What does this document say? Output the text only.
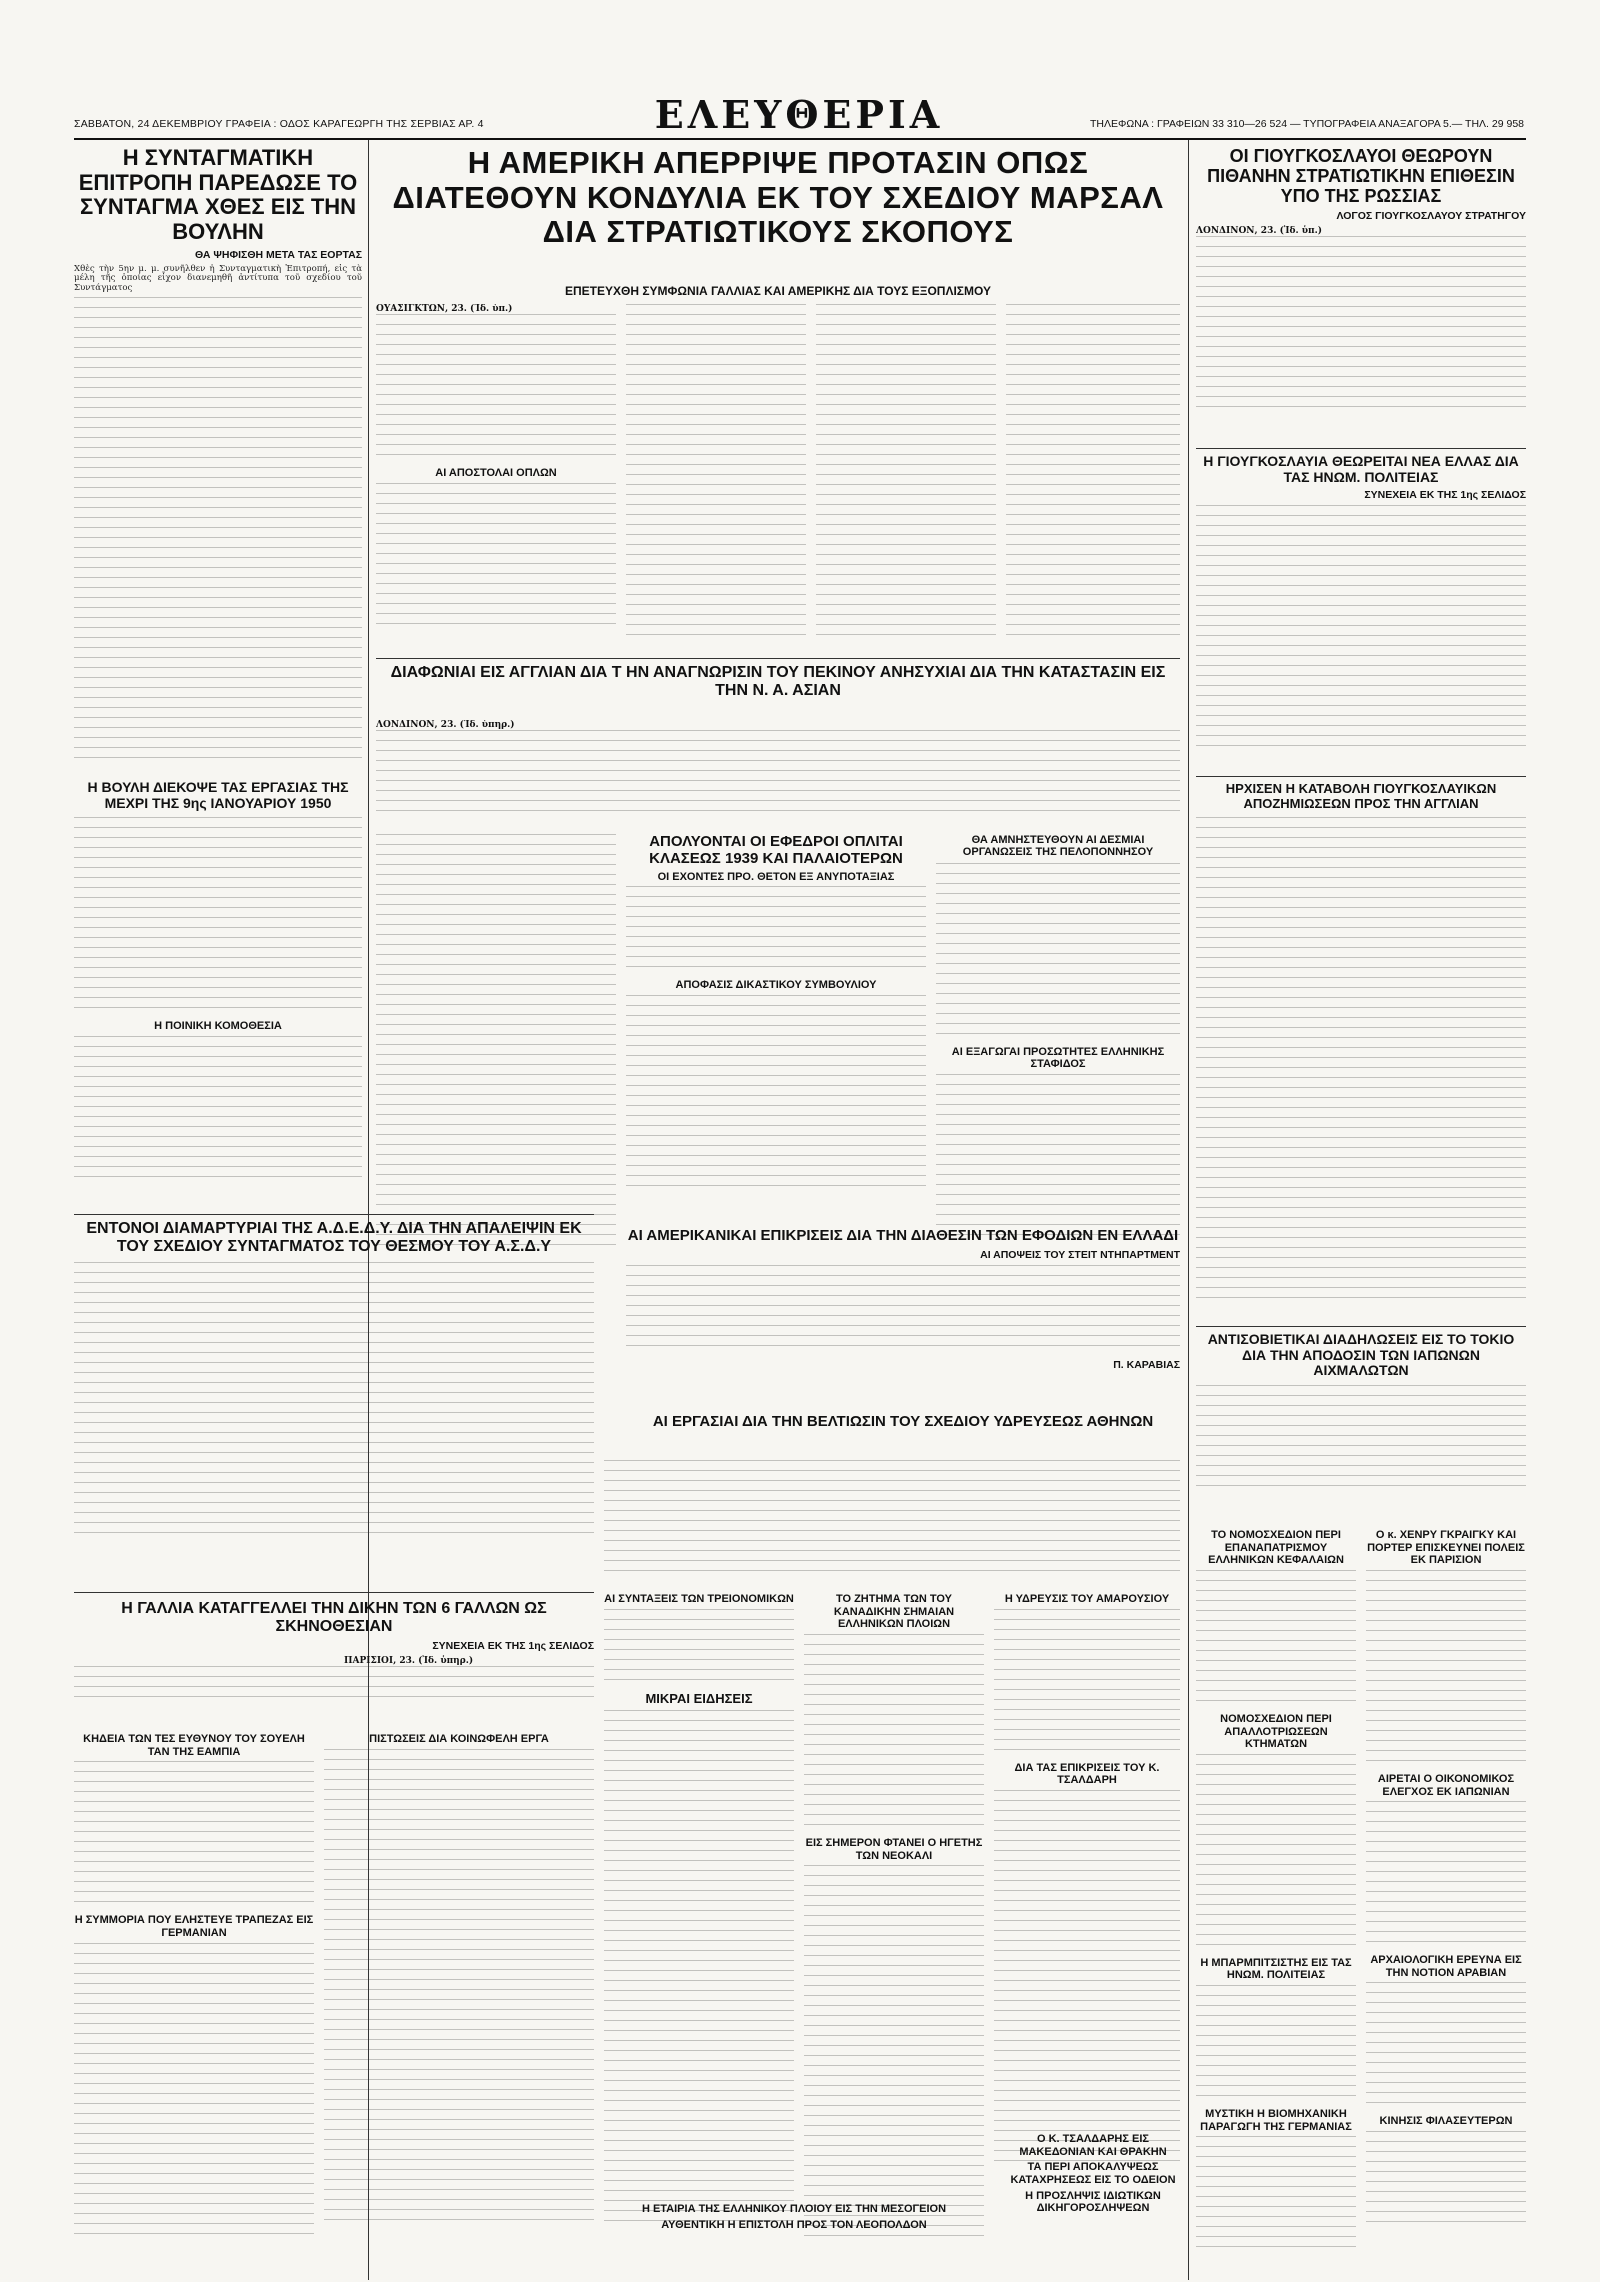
ΣΑΒΒΑΤΟΝ, 24 ΔΕΚΕΜΒΡΙΟΥ ΓΡΑΦΕΙΑ : ΟΔΟΣ ΚΑΡΑΓΕΩΡΓΗ ΤΗΣ ΣΕΡΒΙΑΣ ΑΡ. 4	ΕΛΕΥΘΕΡΙΑ	ΤΗΛΕΦΩΝΑ : ΓΡΑΦΕΙΩΝ 33 310—26 524 — ΤΥΠΟΓΡΑΦΕΙΑ ΑΝΑΞΑΓΟΡΑ 5.— ΤΗΛ. 29 958
Η ΣΥΝΤΑΓΜΑΤΙΚΗ ΕΠΙΤΡΟΠΗ ΠΑΡΕΔΩΣΕ ΤΟ ΣΥΝΤΑΓΜΑ ΧΘΕΣ ΕΙΣ ΤΗΝ ΒΟΥΛΗΝ
ΘΑ ΨΗΦΙΣΘΗ ΜΕΤΑ ΤΑΣ ΕΟΡΤΑΣ

Χθὲς τὴν 5ην μ. μ. συνῆλθεν ἡ Συνταγματικὴ Ἐπιτροπή, εἰς τὰ μέλη τῆς ὁποίας εἶχον διανεμηθῆ ἀντίτυπα τοῦ σχεδίου τοῦ Συντάγματος

Η ΒΟΥΛΗ ΔΙΕΚΟΨΕ ΤΑΣ ΕΡΓΑΣΙΑΣ ΤΗΣ ΜΕΧΡΙ ΤΗΣ 9ης ΙΑΝΟΥΑΡΙΟΥ 1950
Η ΠΟΙΝΙΚΗ ΚΟΜΟΘΕΣΙΑ
ΕΝΤΟΝΟΙ ΔΙΑΜΑΡΤΥΡΙΑΙ ΤΗΣ Α.Δ.Ε.Δ.Υ. ΔΙΑ ΤΗΝ ΑΠΑΛΕΙΨΙΝ ΕΚ ΤΟΥ ΣΧΕΔΙΟΥ ΣΥΝΤΑΓΜΑΤΟΣ ΤΟΥ ΘΕΣΜΟΥ ΤΟΥ Α.Σ.Δ.Υ
Η ΓΑΛΛΙΑ ΚΑΤΑΓΓΕΛΛΕΙ ΤΗΝ ΔΙΚΗΝ ΤΩΝ 6 ΓΑΛΛΩΝ ΩΣ ΣΚΗΝΟΘΕΣΙΑΝ
ΣΥΝΕΧΕΙΑ ΕΚ ΤΗΣ 1ης ΣΕΛΙΔΟΣ
ΠΑΡΙΣΙΟΙ, 23. (Ἰδ. ὑπηρ.)
ΚΗΔΕΙΑ ΤΩΝ ΤΕΣ ΕΥΘΥΝΟΥ ΤΟΥ ΣΟΥΕΛΗ ΤΑΝ ΤΗΣ ΕΑΜΠΙΑ
Η ΣΥΜΜΟΡΙΑ ΠΟΥ ΕΛΗΣΤΕΥΕ ΤΡΑΠΕΖΑΣ ΕΙΣ ΓΕΡΜΑΝΙΑΝ
ΠΙΣΤΩΣΕΙΣ ΔΙΑ ΚΟΙΝΩΦΕΛΗ ΕΡΓΑ
Η ΑΜΕΡΙΚΗ ΑΠΕΡΡΙΨΕ ΠΡΟΤΑΣΙΝ ΟΠΩΣ ΔΙΑΤΕΘΟΥΝ ΚΟΝΔΥΛΙΑ ΕΚ ΤΟΥ ΣΧΕΔΙΟΥ ΜΑΡΣΑΛ ΔΙΑ ΣΤΡΑΤΙΩΤΙΚΟΥΣ ΣΚΟΠΟΥΣ
ΕΠΕΤΕΥΧΘΗ ΣΥΜΦΩΝΙΑ ΓΑΛΛΙΑΣ ΚΑΙ ΑΜΕΡΙΚΗΣ ΔΙΑ ΤΟΥΣ ΕΞΟΠΛΙΣΜΟΥ
ΟΥΑΣΙΓΚΤΩΝ, 23. (Ἰδ. ὑπ.)
ΑΙ ΑΠΟΣΤΟΛΑΙ ΟΠΛΩΝ
ΔΙΑΦΩΝΙΑΙ ΕΙΣ ΑΓΓΛΙΑΝ ΔΙΑ Τ ΗΝ ΑΝΑΓΝΩΡΙΣΙΝ ΤΟΥ ΠΕΚΙΝΟΥ ΑΝΗΣΥΧΙΑΙ ΔΙΑ ΤΗΝ ΚΑΤΑΣΤΑΣΙΝ ΕΙΣ ΤΗΝ Ν. Α. ΑΣΙΑΝ
ΛΟΝΔΙΝΟΝ, 23. (Ἰδ. ὑπηρ.)
ΑΠΟΛΥΟΝΤΑΙ ΟΙ ΕΦΕΔΡΟΙ ΟΠΛΙΤΑΙ ΚΛΑΣΕΩΣ 1939 ΚΑΙ ΠΑΛΑΙΟΤΕΡΩΝ
ΟΙ ΕΧΟΝΤΕΣ ΠΡΟ. ΘΕΤΟΝ ΕΞ ΑΝΥΠΟΤΑΞΙΑΣ
ΑΠΟΦΑΣΙΣ ΔΙΚΑΣΤΙΚΟΥ ΣΥΜΒΟΥΛΙΟΥ
ΘΑ ΑΜΝΗΣΤΕΥΘΟΥΝ ΑΙ ΔΕΣΜΙΑΙ ΟΡΓΑΝΩΣΕΙΣ ΤΗΣ ΠΕΛΟΠΟΝΝΗΣΟΥ
ΑΙ ΕΞΑΓΩΓΑΙ ΠΡΟΣΩΤΗΤΕΣ ΕΛΛΗΝΙΚΗΣ ΣΤΑΦΙΔΟΣ
ΑΙ ΑΜΕΡΙΚΑΝΙΚΑΙ ΕΠΙΚΡΙΣΕΙΣ ΔΙΑ ΤΗΝ ΔΙΑΘΕΣΙΝ ΤΩΝ ΕΦΟΔΙΩΝ ΕΝ ΕΛΛΑΔΙ
ΑΙ ΑΠΟΨΕΙΣ ΤΟΥ ΣΤΕΙΤ ΝΤΗΠΑΡΤΜΕΝΤ
Π. ΚΑΡΑΒΙΑΣ
ΑΙ ΕΡΓΑΣΙΑΙ ΔΙΑ ΤΗΝ ΒΕΛΤΙΩΣΙΝ ΤΟΥ ΣΧΕΔΙΟΥ ΥΔΡΕΥΣΕΩΣ ΑΘΗΝΩΝ
ΑΙ ΣΥΝΤΑΞΕΙΣ ΤΩΝ ΤΡΕΙΟΝΟΜΙΚΩΝ
ΜΙΚΡΑΙ ΕΙΔΗΣΕΙΣ
ΤΟ ΖΗΤΗΜΑ ΤΩΝ ΤΟΥ ΚΑΝΑΔΙΚΗΝ ΣΗΜΑΙΑΝ ΕΛΛΗΝΙΚΩΝ ΠΛΟΙΩΝ
ΕΙΣ ΣΗΜΕΡΟΝ ΦΤΑΝΕΙ Ο ΗΓΕΤΗΣ ΤΩΝ ΝΕΟΚΑΛΙ
Η ΥΔΡΕΥΣΙΣ ΤΟΥ ΑΜΑΡΟΥΣΙΟΥ
ΔΙΑ ΤΑΣ ΕΠΙΚΡΙΣΕΙΣ ΤΟΥ Κ. ΤΣΑΛΔΑΡΗ
ΟΙ ΓΙΟΥΓΚΟΣΛΑΥΟΙ ΘΕΩΡΟΥΝ ΠΙΘΑΝΗΝ ΣΤΡΑΤΙΩΤΙΚΗΝ ΕΠΙΘΕΣΙΝ ΥΠΟ ΤΗΣ ΡΩΣΣΙΑΣ
ΛΟΓΟΣ ΓΙΟΥΓΚΟΣΛΑΥΟΥ ΣΤΡΑΤΗΓΟΥ
ΛΟΝΔΙΝΟΝ, 23. (Ἰδ. ὑπ.)
Η ΓΙΟΥΓΚΟΣΛΑΥΙΑ ΘΕΩΡΕΙΤΑΙ ΝΕΑ ΕΛΛΑΣ ΔΙΑ ΤΑΣ ΗΝΩΜ. ΠΟΛΙΤΕΙΑΣ
ΣΥΝΕΧΕΙΑ ΕΚ ΤΗΣ 1ης ΣΕΛΙΔΟΣ
ΗΡΧΙΣΕΝ Η ΚΑΤΑΒΟΛΗ ΓΙΟΥΓΚΟΣΛΑΥΙΚΩΝ ΑΠΟΖΗΜΙΩΣΕΩΝ ΠΡΟΣ ΤΗΝ ΑΓΓΛΙΑΝ
ΑΝΤΙΣΟΒΙΕΤΙΚΑΙ ΔΙΑΔΗΛΩΣΕΙΣ ΕΙΣ ΤΟ ΤΟΚΙΟ ΔΙΑ ΤΗΝ ΑΠΟΔΟΣΙΝ ΤΩΝ ΙΑΠΩΝΩΝ ΑΙΧΜΑΛΩΤΩΝ
ΤΟ ΝΟΜΟΣΧΕΔΙΟΝ ΠΕΡΙ ΕΠΑΝΑΠΑΤΡΙΣΜΟΥ ΕΛΛΗΝΙΚΩΝ ΚΕΦΑΛΑΙΩΝ
ΝΟΜΟΣΧΕΔΙΟΝ ΠΕΡΙ ΑΠΑΛΛΟΤΡΙΩΣΕΩΝ ΚΤΗΜΑΤΩΝ
Η ΜΠΑΡΜΠΙΤΣΙΣΤΗΣ ΕΙΣ ΤΑΣ ΗΝΩΜ. ΠΟΛΙΤΕΙΑΣ
ΜΥΣΤΙΚΗ Η ΒΙΟΜΗΧΑΝΙΚΗ ΠΑΡΑΓΩΓΗ ΤΗΣ ΓΕΡΜΑΝΙΑΣ
Ο κ. ΧΕΝΡΥ ΓΚΡΑΙΓΚΥ ΚΑΙ ΠΟΡΤΕΡ ΕΠΙΣΚΕΥΝΕΙ ΠΟΛΕΙΣ ΕΚ ΠΑΡΙΣΙΟΝ
ΑΙΡΕΤΑΙ Ο ΟΙΚΟΝΟΜΙΚΟΣ ΕΛΕΓΧΟΣ ΕΚ ΙΑΠΩΝΙΑΝ
ΑΡΧΑΙΟΛΟΓΙΚΗ ΕΡΕΥΝΑ ΕΙΣ ΤΗΝ ΝΟΤΙΟΝ ΑΡΑΒΙΑΝ
ΚΙΝΗΣΙΣ ΦΙΛΑΣΕΥΤΕΡΩΝ
Ο Κ. ΤΣΑΛΔΑΡΗΣ ΕΙΣ ΜΑΚΕΔΟΝΙΑΝ ΚΑΙ ΘΡΑΚΗΝ
ΤΑ ΠΕΡΙ ΑΠΟΚΑΛΥΨΕΩΣ ΚΑΤΑΧΡΗΣΕΩΣ ΕΙΣ ΤΟ ΟΔΕΙΟΝ
Η ΠΡΟΣΛΗΨΙΣ ΙΔΙΩΤΙΚΩΝ ΔΙΚΗΓΟΡΟΣΛΗΨΕΩΝ
Η ΕΤΑΙΡΙΑ ΤΗΣ ΕΛΛΗΝΙΚΟΥ ΠΛΟΙΟΥ ΕΙΣ ΤΗΝ ΜΕΣΟΓΕΙΟΝ
ΑΥΘΕΝΤΙΚΗ Η ΕΠΙΣΤΟΛΗ ΠΡΟΣ ΤΟΝ ΛΕΟΠΟΛΔΟΝ
